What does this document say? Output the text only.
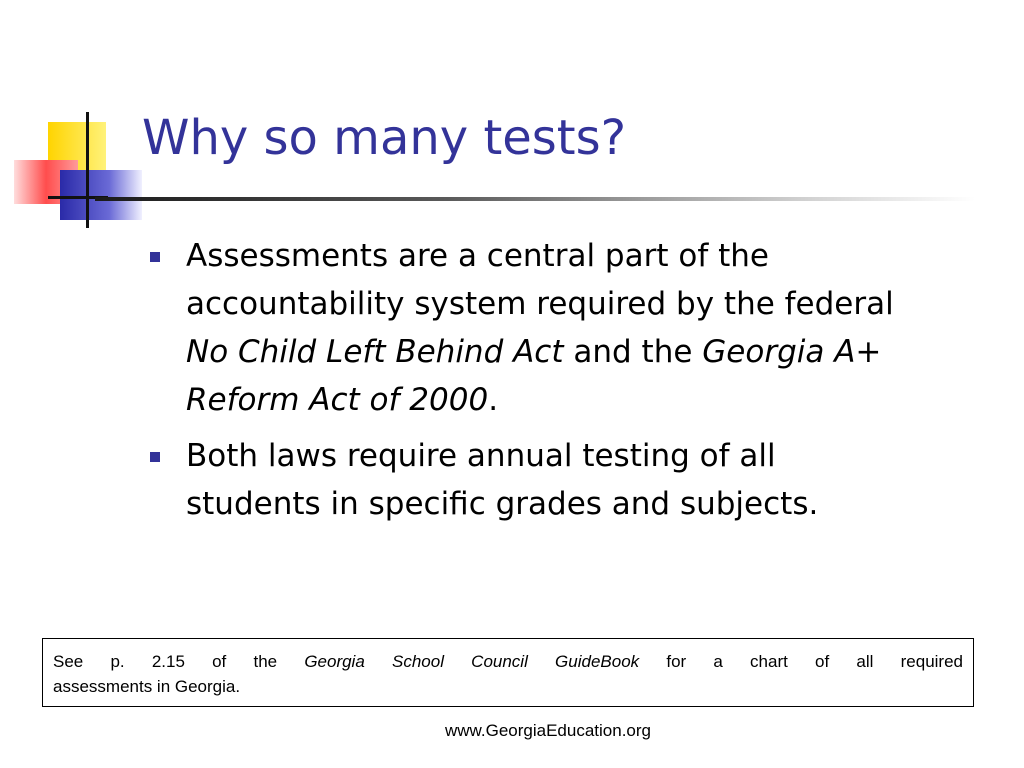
Why so many tests?
Assessments are a central part of the
accountability system required by the federal
No Child Left Behind Act and the Georgia A+
Reform Act of 2000.
Both laws require annual testing of all
students in specific grades and subjects.
See p. 2.15 of the Georgia School Council GuideBook for a chart of all required
assessments in Georgia.
www.GeorgiaEducation.org
